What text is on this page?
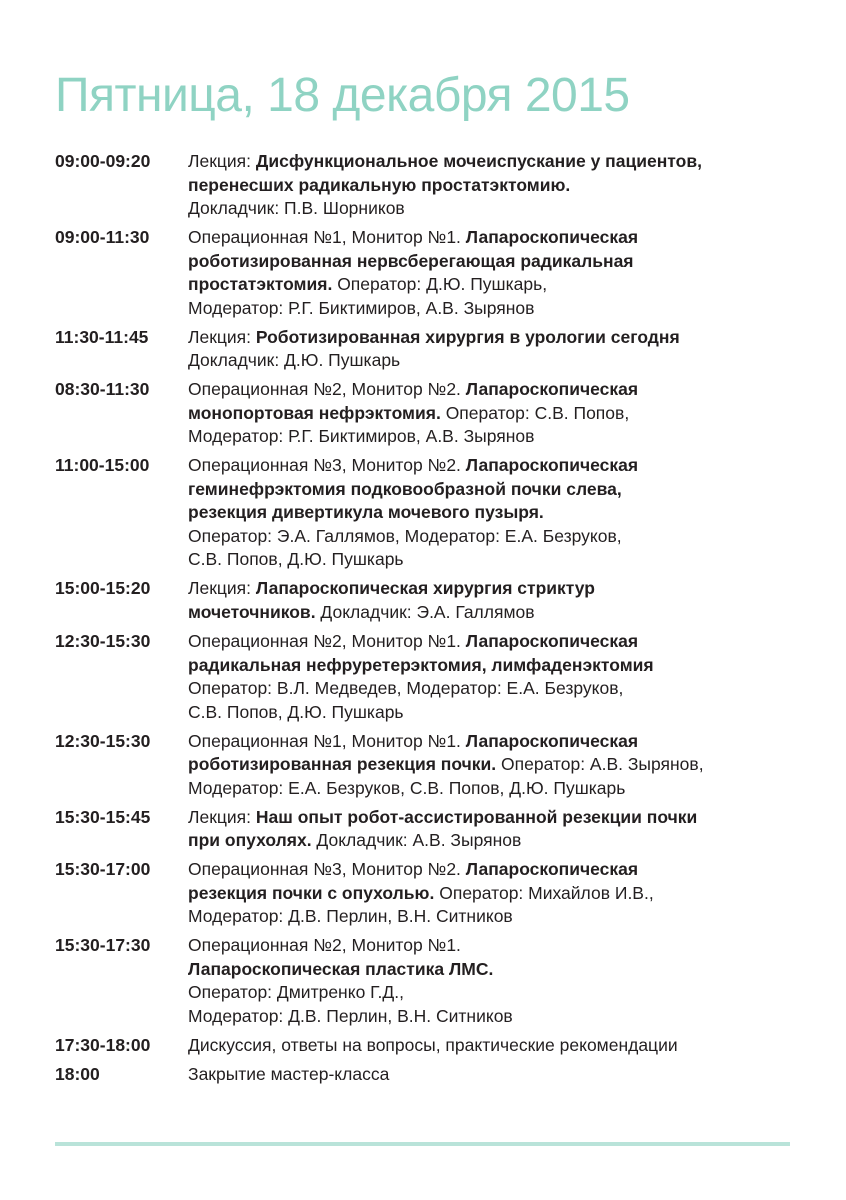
Пятница, 18 декабря 2015
09:00-09:20	Лекция: Дисфункциональное мочеиспускание у пациентов,
перенесших радикальную простатэктомию.
Докладчик: П.В. Шорников
09:00-11:30	Операционная №1, Монитор №1. Лапароскопическая
роботизированная нервсберегающая радикальная
простатэктомия. Оператор: Д.Ю. Пушкарь,
Модератор: Р.Г. Биктимиров, А.В. Зырянов
11:30-11:45	Лекция: Роботизированная хирургия в урологии сегодня
Докладчик: Д.Ю. Пушкарь
08:30-11:30	Операционная №2, Монитор №2. Лапароскопическая
монопортовая нефрэктомия. Оператор: С.В. Попов,
Модератор: Р.Г. Биктимиров, А.В. Зырянов
11:00-15:00	Операционная №3, Монитор №2. Лапароскопическая
геминефрэктомия подковообразной почки слева,
резекция дивертикула мочевого пузыря.
Оператор: Э.А. Галлямов, Модератор: Е.А. Безруков,
С.В. Попов, Д.Ю. Пушкарь
15:00-15:20	Лекция: Лапароскопическая хирургия стриктур
мочеточников. Докладчик: Э.А. Галлямов
12:30-15:30	Операционная №2, Монитор №1. Лапароскопическая
радикальная нефруретерэктомия, лимфаденэктомия
Оператор: В.Л. Медведев, Модератор: Е.А. Безруков,
С.В. Попов, Д.Ю. Пушкарь
12:30-15:30	Операционная №1, Монитор №1. Лапароскопическая
роботизированная резекция почки. Оператор: А.В. Зырянов,
Модератор: Е.А. Безруков, С.В. Попов, Д.Ю. Пушкарь
15:30-15:45	Лекция: Наш опыт робот-ассистированной резекции почки
при опухолях. Докладчик: А.В. Зырянов
15:30-17:00	Операционная №3, Монитор №2. Лапароскопическая
резекция почки с опухолью. Оператор: Михайлов И.В.,
Модератор: Д.В. Перлин, В.Н. Ситников
15:30-17:30	Операционная №2, Монитор №1.
Лапароскопическая пластика ЛМС.
Оператор: Дмитренко Г.Д.,
Модератор: Д.В. Перлин, В.Н. Ситников
17:30-18:00	Дискуссия, ответы на вопросы, практические рекомендации
18:00	Закрытие мастер-класса
